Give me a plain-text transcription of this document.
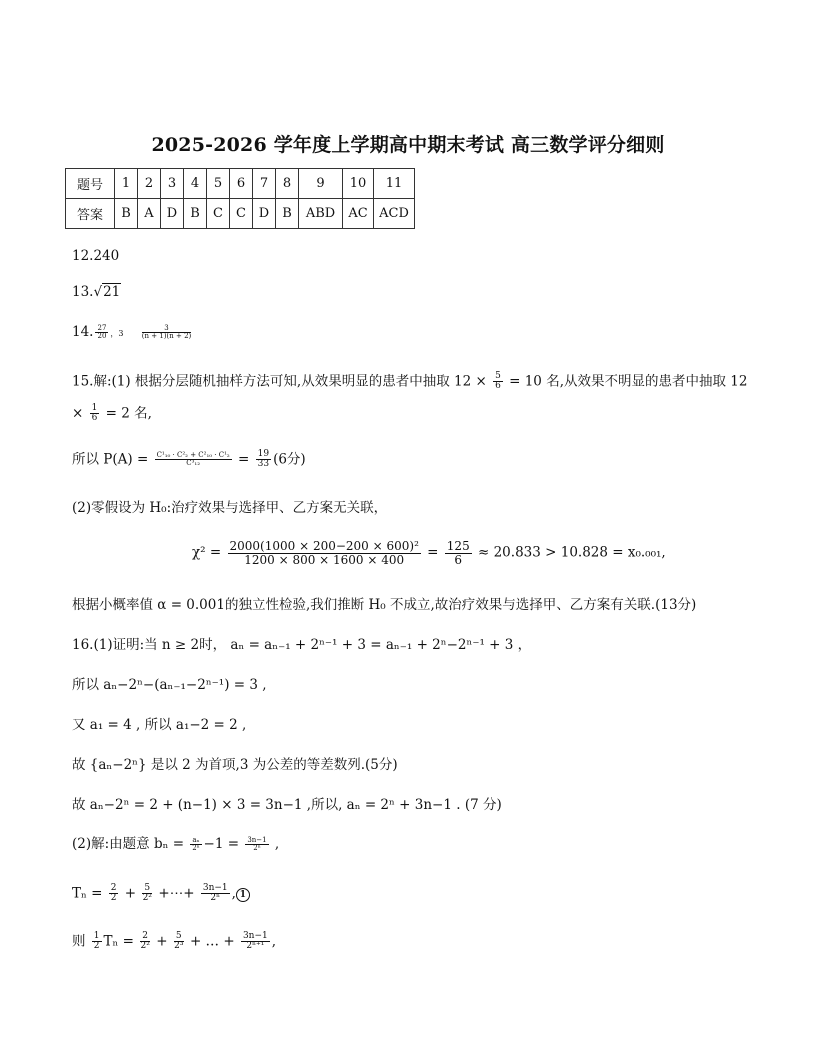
2025-2026 学年度上学期高中期末考试 高三数学评分细则
题号	1	2	3	4	5	6	7	8	9	10	11
答案	B	A	D	B	C	C	D	B	ABD	AC	ACD
12.240
13.√21
14. $\frac{27}{20}$ ，3	$\frac{3}{(n + 1)(n + 2)}$
15.解:(1) 根据分层随机抽样方法可知,从效果明显的患者中抽取 $12 \times \frac{5}{6} = 10$ 名,从效果不明显的患者中抽取 12
× $\frac{1}{6} = 2$ 名,
所以 $P(A) = \frac{\text{C¹₁₀ · C²₂ + C²₁₀ · C¹₂}}{\text{C³₁₂}} = \frac{19}{33} (6$分)
(2)零假设为 H₀:治疗效果与选择甲、乙方案无关联，
$\chi^2 = \frac{\text{2000(1000 × 200−200 × 600)²}}{1200 \times 800 \times 1600 \times 400} = \frac{125}{6} \approx 20.833 > 10.828 = x_0._{001}$,
根据小概率值 α = 0.001的独立性检验,我们推断 H₀ 不成立,故治疗效果与选择甲、乙方案有关联.(13分)
16.(1)证明:当 n ≥ 2时， aₙ = aₙ₋₁ + 2ⁿ⁻¹ + 3 = aₙ₋₁ + 2ⁿ−2ⁿ⁻¹ + 3 ，
所以 aₙ−2ⁿ−(aₙ₋₁−2ⁿ⁻¹) = 3 ,
又 a₁ = 4 , 所以 a₁−2 = 2 ,
故 {aₙ−2ⁿ} 是以 2 为首项,3 为公差的等差数列.(5分)
故 aₙ−2ⁿ = 2 + (n−1) × 3 = 3n−1 ,所以, aₙ = 2ⁿ + 3n−1 . (7 分)
(2)解:由题意 $b_n = \frac{\text{aₙ}}{\text{2ⁿ}} -1 = \frac{3n-1}{\text{2ⁿ}}$ ,
$T_n = \frac{2}{2} + \frac{5}{\text{2²}}$ +⋯+ $\frac{3n-1}{\text{2ⁿ}}$ , 1
则 $\frac{1}{2}$ $T_n = \frac{2}{\text{2²}} + \frac{5}{\text{2³}}$ + … + $\frac{3n-1}{\text{2ⁿ⁺¹}}$ ,
